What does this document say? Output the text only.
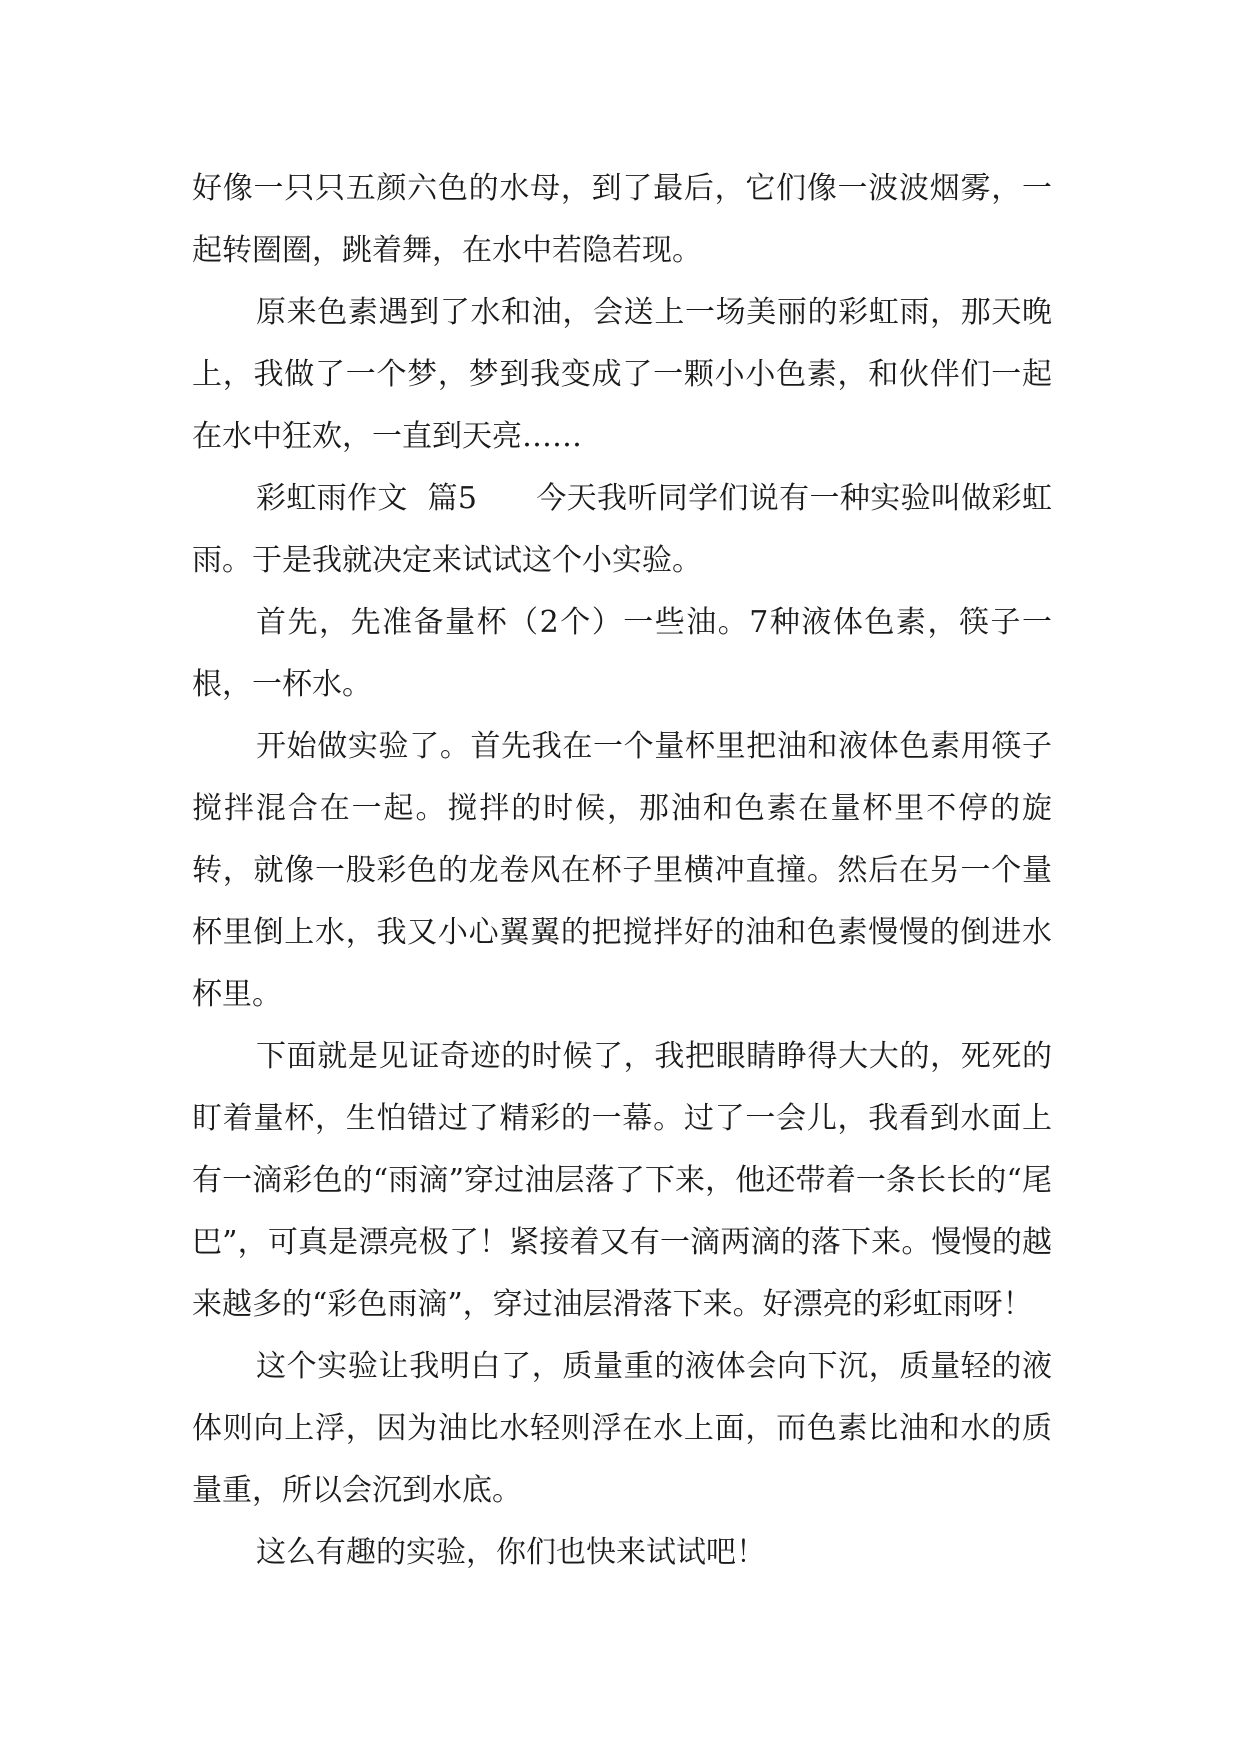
好像一只只五颜六色的水母，到了最后，它们像一波波烟雾，一起转圈圈，跳着舞，在水中若隐若现。

原来色素遇到了水和油，会送上一场美丽的彩虹雨，那天晚上，我做了一个梦，梦到我变成了一颗小小色素，和伙伴们一起在水中狂欢，一直到天亮……

彩虹雨作文  篇5      今天我听同学们说有一种实验叫做彩虹雨。于是我就决定来试试这个小实验。

首先，先准备量杯（2个）一些油。7种液体色素，筷子一根，一杯水。

开始做实验了。首先我在一个量杯里把油和液体色素用筷子搅拌混合在一起。搅拌的时候，那油和色素在量杯里不停的旋转，就像一股彩色的龙卷风在杯子里横冲直撞。然后在另一个量杯里倒上水，我又小心翼翼的把搅拌好的油和色素慢慢的倒进水杯里。

下面就是见证奇迹的时候了，我把眼睛睁得大大的，死死的盯着量杯，生怕错过了精彩的一幕。过了一会儿，我看到水面上有一滴彩色的“雨滴”穿过油层落了下来，他还带着一条长长的“尾巴”，可真是漂亮极了！紧接着又有一滴两滴的落下来。慢慢的越来越多的“彩色雨滴”，穿过油层滑落下来。好漂亮的彩虹雨呀！

这个实验让我明白了，质量重的液体会向下沉，质量轻的液体则向上浮，因为油比水轻则浮在水上面，而色素比油和水的质量重，所以会沉到水底。

这么有趣的实验，你们也快来试试吧！
